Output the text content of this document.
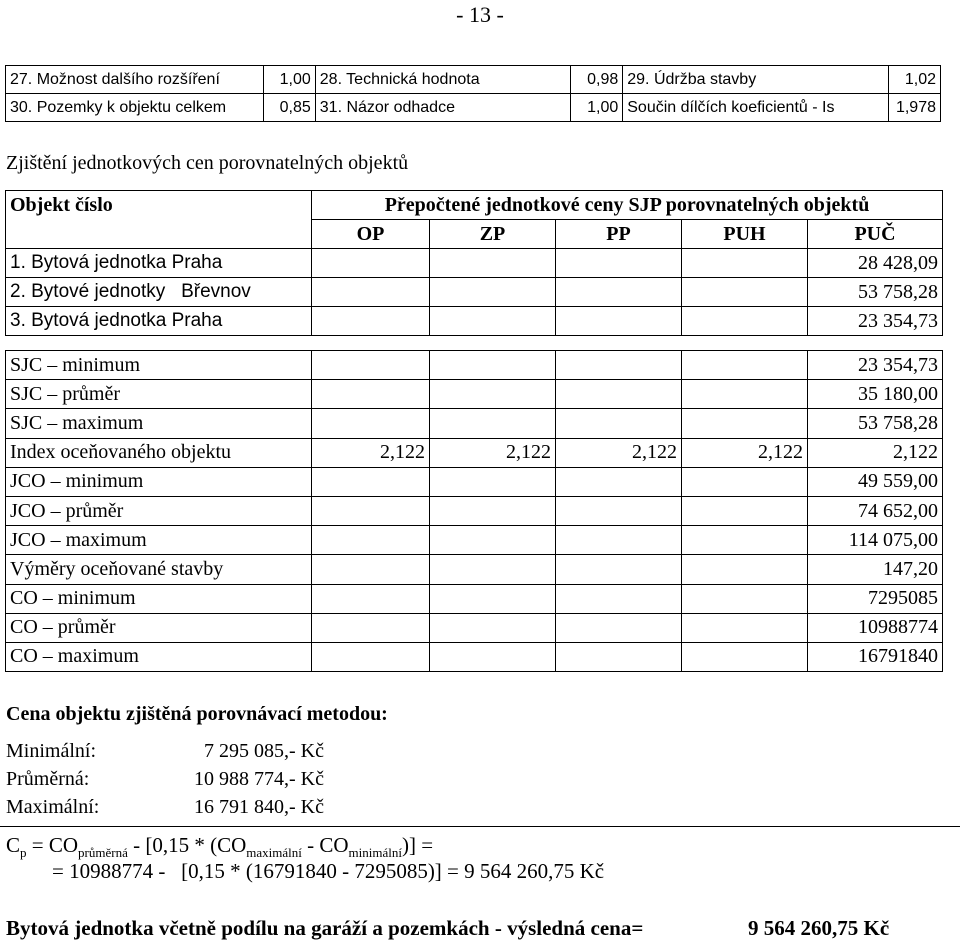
- 13 -
27. Možnost dalšího rozšíření	1,00	28. Technická hodnota	0,98	29. Údržba stavby	1,02
30. Pozemky k objektu celkem	0,85	31. Názor odhadce	1,00	Součin dílčích koeficientů - Is	1,978
Zjištění jednotkových cen porovnatelných objektů
Objekt číslo	Přepočtené jednotkové ceny SJP porovnatelných objektů				
	OP	ZP	PP	PUH	PUČ
1. Bytová jednotka Praha					28 428,09
2. Bytové jednotky   Břevnov					53 758,28
3. Bytová jednotka Praha					23 354,73
SJC – minimum					23 354,73
SJC – průměr					35 180,00
SJC – maximum					53 758,28
Index oceňovaného objektu	2,122	2,122	2,122	2,122	2,122
JCO – minimum					49 559,00
JCO – průměr					74 652,00
JCO – maximum					114 075,00
Výměry oceňované stavby					147,20
CO – minimum					7295085
CO – průměr					10988774
CO – maximum					16791840
Cena objektu zjištěná porovnávací metodou:
Minimální:	7 295 085,- Kč
Průměrná:	10 988 774,- Kč
Maximální:	16 791 840,- Kč
$C_p = CO_{průměrná} - [0,15 * (CO_{maximální} - CO_{minimální})]$ =
= 10988774 -   [0,15 * (16791840 - 7295085)] = 9 564 260,75 Kč
Bytová jednotka včetně podílu na garáží a pozemkách - výsledná cena=	9 564 260,75 Kč
